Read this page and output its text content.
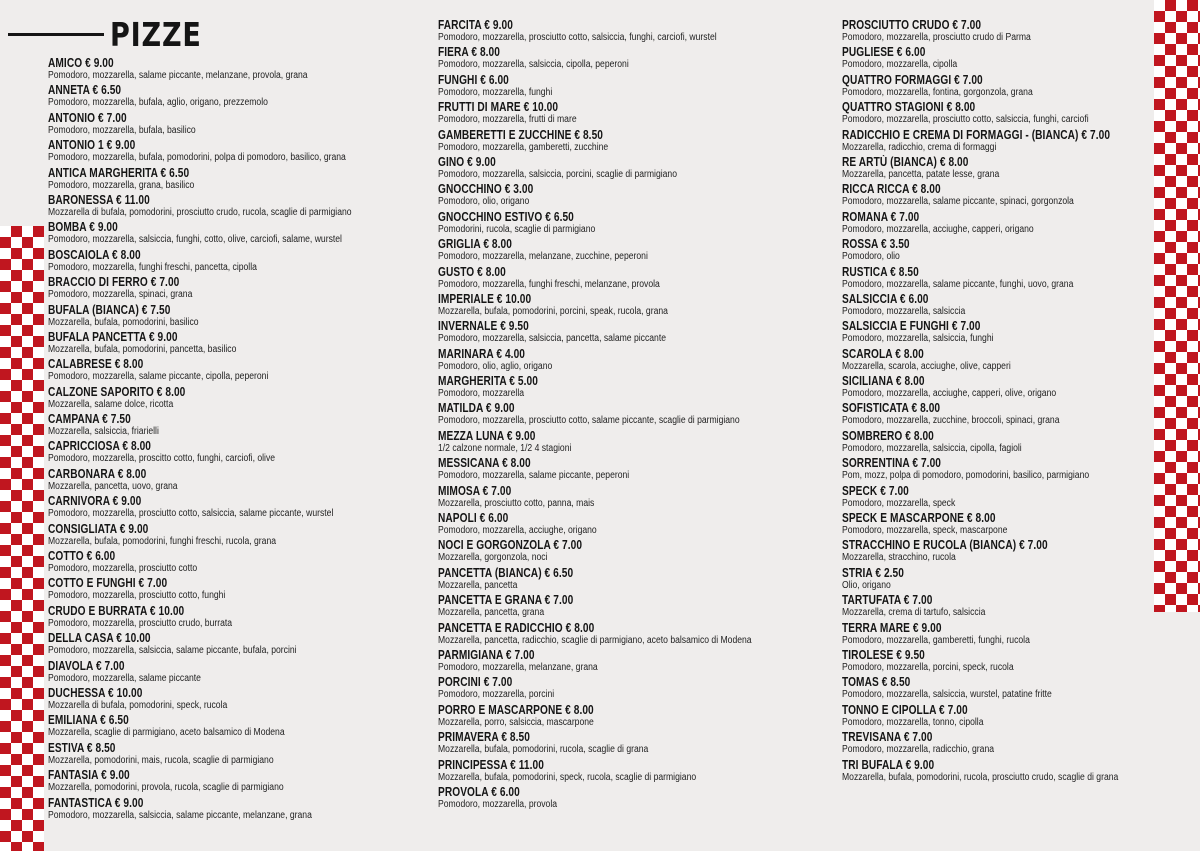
PIZZE
AMICO € 9.00
Pomodoro, mozzarella, salame piccante, melanzane, provola, grana
ANNETA € 6.50
Pomodoro, mozzarella, bufala, aglio, origano, prezzemolo
ANTONIO € 7.00
Pomodoro, mozzarella, bufala, basilico
ANTONIO 1 € 9.00
Pomodoro, mozzarella, bufala, pomodorini, polpa di pomodoro, basilico, grana
ANTICA MARGHERITA € 6.50
Pomodoro, mozzarella, grana, basilico
BARONESSA € 11.00
Mozzarella di bufala, pomodorini, prosciutto crudo, rucola, scaglie di parmigiano
BOMBA € 9.00
Pomodoro, mozzarella, salsiccia, funghi, cotto, olive, carciofi, salame, wurstel
BOSCAIOLA € 8.00
Pomodoro, mozzarella, funghi freschi, pancetta, cipolla
BRACCIO DI FERRO € 7.00
Pomodoro, mozzarella, spinaci, grana
BUFALA (BIANCA) € 7.50
Mozzarella, bufala, pomodorini, basilico
BUFALA PANCETTA € 9.00
Mozzarella, bufala, pomodorini, pancetta, basilico
CALABRESE € 8.00
Pomodoro, mozzarella, salame piccante, cipolla, peperoni
CALZONE SAPORITO € 8.00
Mozzarella, salame dolce, ricotta
CAMPANA € 7.50
Mozzarella, salsiccia, friarielli
CAPRICCIOSA € 8.00
Pomodoro, mozzarella, proscitto cotto, funghi, carciofi, olive
CARBONARA € 8.00
Mozzarella, pancetta, uovo, grana
CARNIVORA € 9.00
Pomodoro, mozzarella, prosciutto cotto, salsiccia, salame piccante, wurstel
CONSIGLIATA € 9.00
Mozzarella, bufala, pomodorini, funghi freschi, rucola, grana
COTTO € 6.00
Pomodoro, mozzarella, prosciutto cotto
COTTO E FUNGHI € 7.00
Pomodoro, mozzarella, prosciutto cotto, funghi
CRUDO E BURRATA € 10.00
Pomodoro, mozzarella, prosciutto crudo, burrata
DELLA CASA € 10.00
Pomodoro, mozzarella, salsiccia, salame piccante, bufala, porcini
DIAVOLA € 7.00
Pomodoro, mozzarella, salame piccante
DUCHESSA € 10.00
Mozzarella di bufala, pomodorini, speck, rucola
EMILIANA € 6.50
Mozzarella, scaglie di parmigiano, aceto balsamico di Modena
ESTIVA € 8.50
Mozzarella, pomodorini, mais, rucola, scaglie di parmigiano
FANTASIA € 9.00
Mozzarella, pomodorini, provola, rucola, scaglie di parmigiano
FANTASTICA € 9.00
Pomodoro, mozzarella, salsiccia, salame piccante, melanzane, grana
FARCITA € 9.00
Pomodoro, mozzarella, prosciutto cotto, salsiccia, funghi, carciofi, wurstel
FIERA € 8.00
Pomodoro, mozzarella, salsiccia, cipolla, peperoni
FUNGHI € 6.00
Pomodoro, mozzarella, funghi
FRUTTI DI MARE € 10.00
Pomodoro, mozzarella, frutti di mare
GAMBERETTI E ZUCCHINE € 8.50
Pomodoro, mozzarella, gamberetti, zucchine
GINO € 9.00
Pomodoro, mozzarella, salsiccia, porcini, scaglie di parmigiano
GNOCCHINO € 3.00
Pomodoro, olio, origano
GNOCCHINO ESTIVO € 6.50
Pomodorini, rucola, scaglie di parmigiano
GRIGLIA € 8.00
Pomodoro, mozzarella, melanzane, zucchine, peperoni
GUSTO € 8.00
Pomodoro, mozzarella, funghi freschi, melanzane, provola
IMPERIALE € 10.00
Mozzarella, bufala, pomodorini, porcini, speak, rucola, grana
INVERNALE € 9.50
Pomodoro, mozzarella, salsiccia, pancetta, salame piccante
MARINARA € 4.00
Pomodoro, olio, aglio, origano
MARGHERITA € 5.00
Pomodoro, mozzarella
MATILDA € 9.00
Pomodoro, mozzarella, prosciutto cotto, salame piccante, scaglie di parmigiano
MEZZA LUNA € 9.00
1/2 calzone normale, 1/2 4 stagioni
MESSICANA € 8.00
Pomodoro, mozzarella, salame piccante, peperoni
MIMOSA € 7.00
Mozzarella, prosciutto cotto, panna, mais
NAPOLI € 6.00
Pomodoro, mozzarella, acciughe, origano
NOCI E GORGONZOLA € 7.00
Mozzarella, gorgonzola, noci
PANCETTA (BIANCA) € 6.50
Mozzarella, pancetta
PANCETTA E GRANA € 7.00
Mozzarella, pancetta, grana
PANCETTA E RADICCHIO € 8.00
Mozzarella, pancetta, radicchio, scaglie di parmigiano, aceto balsamico di Modena
PARMIGIANA € 7.00
Pomodoro, mozzarella, melanzane, grana
PORCINI € 7.00
Pomodoro, mozzarella, porcini
PORRO E MASCARPONE € 8.00
Mozzarella, porro, salsiccia, mascarpone
PRIMAVERA € 8.50
Mozzarella, bufala, pomodorini, rucola, scaglie di grana
PRINCIPESSA € 11.00
Mozzarella, bufala, pomodorini, speck, rucola, scaglie di parmigiano
PROVOLA € 6.00
Pomodoro, mozzarella, provola
PROSCIUTTO CRUDO € 7.00
Pomodoro, mozzarella, prosciutto crudo di Parma
PUGLIESE € 6.00
Pomodoro, mozzarella, cipolla
QUATTRO FORMAGGI € 7.00
Pomodoro, mozzarella, fontina, gorgonzola, grana
QUATTRO STAGIONI € 8.00
Pomodoro, mozzarella, prosciutto cotto, salsiccia, funghi, carciofi
RADICCHIO E CREMA DI FORMAGGI - (BIANCA) € 7.00
Mozzarella, radicchio, crema di formaggi
RE ARTÙ (BIANCA) € 8.00
Mozzarella, pancetta, patate lesse, grana
RICCA RICCA € 8.00
Pomodoro, mozzarella, salame piccante, spinaci, gorgonzola
ROMANA € 7.00
Pomodoro, mozzarella, acciughe, capperi, origano
ROSSA € 3.50
Pomodoro, olio
RUSTICA € 8.50
Pomodoro, mozzarella, salame piccante, funghi, uovo, grana
SALSICCIA € 6.00
Pomodoro, mozzarella, salsiccia
SALSICCIA E FUNGHI € 7.00
Pomodoro, mozzarella, salsiccia, funghi
SCAROLA € 8.00
Mozzarella, scarola, acciughe, olive, capperi
SICILIANA € 8.00
Pomodoro, mozzarella, acciughe, capperi, olive, origano
SOFISTICATA € 8.00
Pomodoro, mozzarella, zucchine, broccoli, spinaci, grana
SOMBRERO € 8.00
Pomodoro, mozzarella, salsiccia, cipolla, fagioli
SORRENTINA € 7.00
Pom, mozz, polpa di pomodoro, pomodorini, basilico, parmigiano
SPECK € 7.00
Pomodoro, mozzarella, speck
SPECK E MASCARPONE € 8.00
Pomodoro, mozzarella, speck, mascarpone
STRACCHINO E RUCOLA (BIANCA) € 7.00
Mozzarella, stracchino, rucola
STRIA € 2.50
Olio, origano
TARTUFATA € 7.00
Mozzarella, crema di tartufo, salsiccia
TERRA MARE € 9.00
Pomodoro, mozzarella, gamberetti, funghi, rucola
TIROLESE € 9.50
Pomodoro, mozzarella, porcini, speck, rucola
TOMAS € 8.50
Pomodoro, mozzarella, salsiccia, wurstel, patatine fritte
TONNO E CIPOLLA € 7.00
Pomodoro, mozzarella, tonno, cipolla
TREVISANA € 7.00
Pomodoro, mozzarella, radicchio, grana
TRI BUFALA € 9.00
Mozzarella, bufala, pomodorini, rucola, prosciutto crudo, scaglie di grana
